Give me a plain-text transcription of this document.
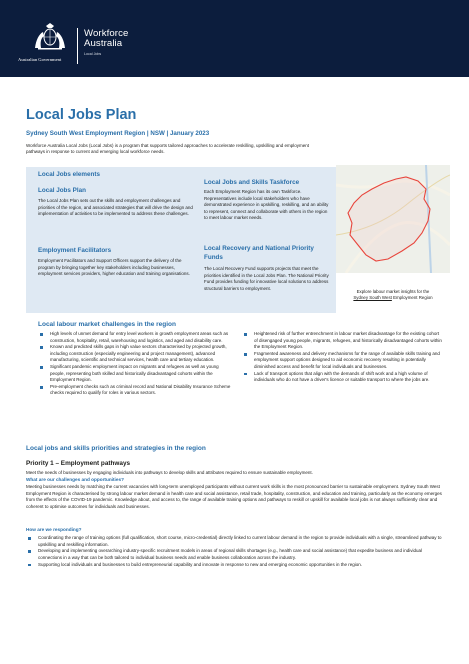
Australian Government
Workforce
Australia
Local Jobs
Local Jobs Plan
Sydney South West Employment Region | NSW | January 2023
Workforce Australia Local Jobs (Local Jobs) is a program that supports tailored approaches to accelerate reskilling, upskilling and employment pathways in response to current and emerging local workforce needs.
Local Jobs elements
Local Jobs Plan
The Local Jobs Plan sets out the skills and employment challenges and priorities of the region, and associated strategies that will drive the design and implementation of activities to be implemented to address these challenges.
Employment Facilitators
Employment Facilitators and Support Officers support the delivery of the program by bringing together key stakeholders including businesses, employment services providers, higher education and training organisations.
Local Jobs and Skills Taskforce
Each Employment Region has its own Taskforce. Representatives include local stakeholders who have demonstrated experience in upskilling, reskilling, and an ability to represent, connect and collaborate with others in the region to meet labour market needs.
Local Recovery and National Priority Funds
The Local Recovery Fund supports projects that meet the priorities identified in the Local Jobs Plan. The National Priority Fund provides funding for innovative local solutions to address structural barriers to employment.
Explore labour market insights for the
Sydney South West Employment Region
Local labour market challenges in the region
High levels of unmet demand for entry level workers in growth employment areas such as construction, hospitality, retail, warehousing and logistics, and aged and disability care.
Known and predicted skills gaps in high value sectors characterised by projected growth, including construction (especially engineering and project management), advanced manufacturing, scientific and technical services, health care and tertiary education.
Significant pandemic employment impact on migrants and refugees as well as young people, representing both skilled and historically disadvantaged cohorts within the Employment Region.
Pre-employment checks such as criminal record and National Disability Insurance Scheme checks required to qualify for roles in various sectors.
Heightened risk of further entrenchment in labour market disadvantage for the existing cohort of disengaged young people, migrants, refugees, and historically disadvantaged cohorts within the Employment Region.
Fragmented awareness and delivery mechanisms for the range of available skills training and employment support options designed to aid economic recovery resulting in potentially diminished access and benefit for local individuals and businesses.
Lack of transport options that align with the demands of shift work and a high volume of individuals who do not have a driver's licence or suitable transport to where the jobs are.
Local jobs and skills priorities and strategies in the region
Priority 1 – Employment pathways
Meet the needs of businesses by engaging individuals into pathways to develop skills and attributes required to ensure sustainable employment.
What are our challenges and opportunities?
Meeting businesses needs by matching the current vacancies with long-term unemployed participants without current work skills is the most pronounced barrier to sustainable employment. Sydney South West Employment Region is characterised by strong labour market demand in health care and social assistance, retail trade, hospitality, construction, and education and training, particularly as the economy emerges from the effects of the COVID-19 pandemic. Knowledge about, and access to, the range of available training options and pathways to reskill or upskill for available local jobs is not always sufficiently clear and coherent to optimise outcomes for individuals and businesses.
How are we responding?
Coordinating the range of training options (full qualification, short course, micro-credential) directly linked to current labour demand in the region to provide individuals with a single, streamlined pathway to upskilling and reskilling information.
Developing and implementing overarching industry-specific recruitment models in areas of regional skills shortages (e.g., health care and social assistance) that expedite business and individual connections in a way that can be both tailored to individual business needs and enable business collaboration across the industry.
Supporting local individuals and businesses to build entrepreneurial capability and innovate in response to new and emerging economic opportunities in the region.
